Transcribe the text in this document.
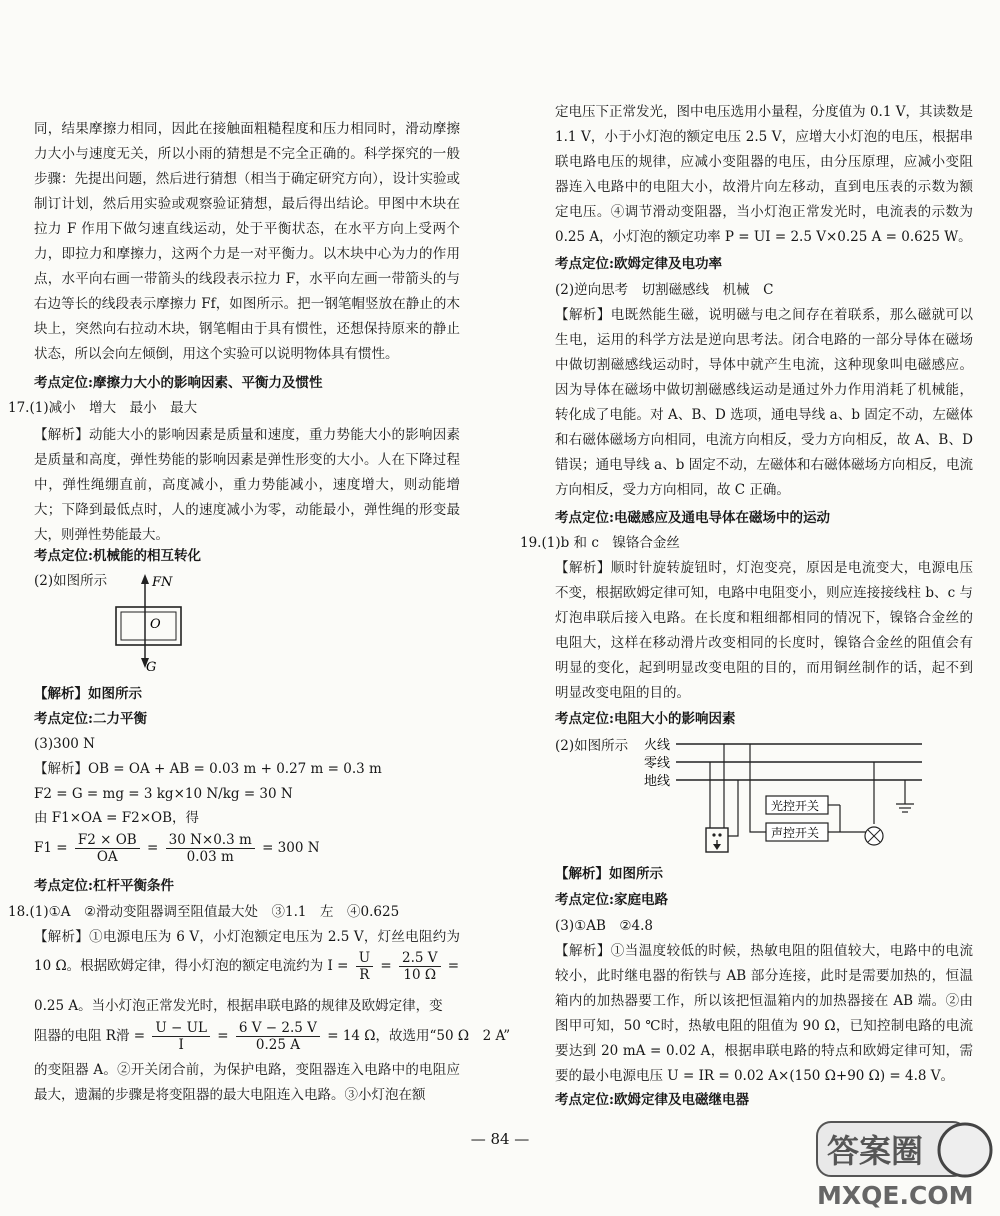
同，结果摩擦力相同，因此在接触面粗糙程度和压力相同时，滑动摩擦力大小与速度无关，所以小雨的猜想是不完全正确的。科学探究的一般步骤：先提出问题，然后进行猜想（相当于确定研究方向），设计实验或制订计划，然后用实验或观察验证猜想，最后得出结论。甲图中木块在拉力 F 作用下做匀速直线运动，处于平衡状态，在水平方向上受两个力，即拉力和摩擦力，这两个力是一对平衡力。以木块中心为力的作用点，水平向右画一带箭头的线段表示拉力 F，水平向左画一带箭头的与右边等长的线段表示摩擦力 Ff，如图所示。把一钢笔帽竖放在静止的木块上，突然向右拉动木块，钢笔帽由于具有惯性，还想保持原来的静止状态，所以会向左倾倒，用这个实验可以说明物体具有惯性。

考点定位:摩擦力大小的影响因素、平衡力及惯性
17.(1)减小　增大　最小　最大

【解析】动能大小的影响因素是质量和速度，重力势能大小的影响因素是质量和高度，弹性势能的影响因素是弹性形变的大小。人在下降过程中，弹性绳绷直前，高度减小，重力势能减小，速度增大，则动能增大；下降到最低点时，人的速度减小为零，动能最小，弹性绳的形变最大，则弹性势能最大。

考点定位:机械能的相互转化
(2)如图所示	FN
O
G
【解析】如图所示
考点定位:二力平衡
(3)300 N
【解析】OB = OA + AB = 0.03 m + 0.27 m = 0.3 m
F2 = G = mg = 3 kg×10 N/kg = 30 N
由 F1×OA = F2×OB，得
$F1 = \frac{F2 \times OB}{OA} = \frac{30 N\times 0.3 m}{0.03 m} = 300$ N
考点定位:杠杆平衡条件
18.(1)①A　②滑动变阻器调至阻值最大处　③1.1　左　④0.625

【解析】①电源电压为 6 V，小灯泡额定电压为 2.5 V，灯丝电阻约为 10 Ω。根据欧姆定律，得小灯泡的额定电流约为 $I = \frac{U}{R} = \frac{2.5 V}{10 \Omega}$ =

0.25 A。当小灯泡正常发光时，根据串联电路的规律及欧姆定律，变
阻器的电阻 R滑 = $\frac{U - UL}{I} = \frac{6 V - 2.5 V}{0.25 A} = 14$ Ω，故选用“50 Ω　2 A”

的变阻器 A。②开关闭合前，为保护电路，变阻器连入电路中的电阻应最大，遗漏的步骤是将变阻器的最大电阻连入电路。③小灯泡在额

定电压下正常发光，图中电压选用小量程，分度值为 0.1 V，其读数是 1.1 V，小于小灯泡的额定电压 2.5 V，应增大小灯泡的电压，根据串联电路电压的规律，应减小变阻器的电压，由分压原理，应减小变阻器连入电路中的电阻大小，故滑片向左移动，直到电压表的示数为额定电压。④调节滑动变阻器，当小灯泡正常发光时，电流表的示数为 0.25 A，小灯泡的额定功率 P = UI = 2.5 V×0.25 A = 0.625 W。

考点定位:欧姆定律及电功率
(2)逆向思考　切割磁感线　机械　C

【解析】电既然能生磁，说明磁与电之间存在着联系，那么磁就可以生电，运用的科学方法是逆向思考法。闭合电路的一部分导体在磁场中做切割磁感线运动时，导体中就产生电流，这种现象叫电磁感应。因为导体在磁场中做切割磁感线运动是通过外力作用消耗了机械能，转化成了电能。对 A、B、D 选项，通电导线 a、b 固定不动，左磁体和右磁体磁场方向相同，电流方向相反，受力方向相反，故 A、B、D 错误；通电导线 a、b 固定不动，左磁体和右磁体磁场方向相反，电流方向相反，受力方向相同，故 C 正确。

考点定位:电磁感应及通电导体在磁场中的运动
19.(1)b 和 c　镍铬合金丝

【解析】顺时针旋转旋钮时，灯泡变亮，原因是电流变大，电源电压不变，根据欧姆定律可知，电路中电阻变小，则应连接接线柱 b、c 与灯泡串联后接入电路。在长度和粗细都相同的情况下，镍铬合金丝的电阻大，这样在移动滑片改变相同的长度时，镍铬合金丝的阻值会有明显的变化，起到明显改变电阻的目的，而用铜丝制作的话，起不到明显改变电阻的目的。

考点定位:电阻大小的影响因素
(2)如图所示 火线
零线
地线
光控开关
声控开关
【解析】如图所示
考点定位:家庭电路
(3)①AB　②4.8

【解析】①当温度较低的时候，热敏电阻的阻值较大，电路中的电流较小，此时继电器的衔铁与 AB 部分连接，此时是需要加热的，恒温箱内的加热器要工作，所以该把恒温箱内的加热器接在 AB 端。②由图甲可知，50 ℃时，热敏电阻的阻值为 90 Ω，已知控制电路的电流要达到 20 mA = 0.02 A，根据串联电路的特点和欧姆定律可知，需要的最小电源电压 U = IR = 0.02 A×(150 Ω+90 Ω) = 4.8 V。

考点定位:欧姆定律及电磁继电器
— 84 —	答案圈
MXQE.COM
